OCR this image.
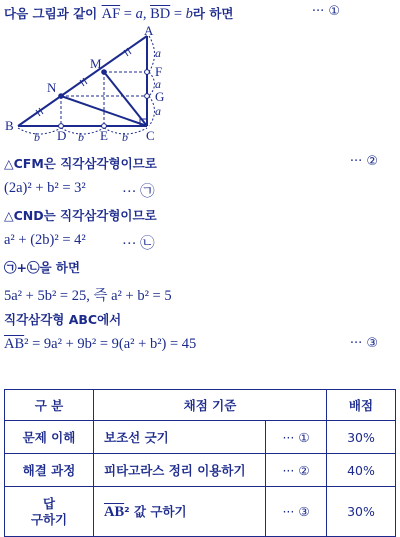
다음 그림과 같이 $\overline{AF} = a$, $\overline{BD} = b$라 하면	··· ①
A
B
C
M
N
F
G
D	E
b	b	b
a
a
a
△CFM은 직각삼각형이므로	··· ②
(2a)² + b² = 3²	··· ㉠
△CND는 직각삼각형이므로
a² + (2b)² = 4²	··· ㉡
㉠+㉡을 하면
5a² + 5b² = 25, 즉 a² + b² = 5
직각삼각형 ABC에서
$\overline{AB}^2 = 9a^2 + 9b^2 = 9(a^2 + b^2) = 45$	··· ③
구 분	채점 기준		배점
문제 이해	보조선 긋기	··· ①	30%
해결 과정	피타고라스 정리 이용하기	··· ②	40%
답
구하기	$\overline{AB}^2$ 값 구하기	··· ③	30%
